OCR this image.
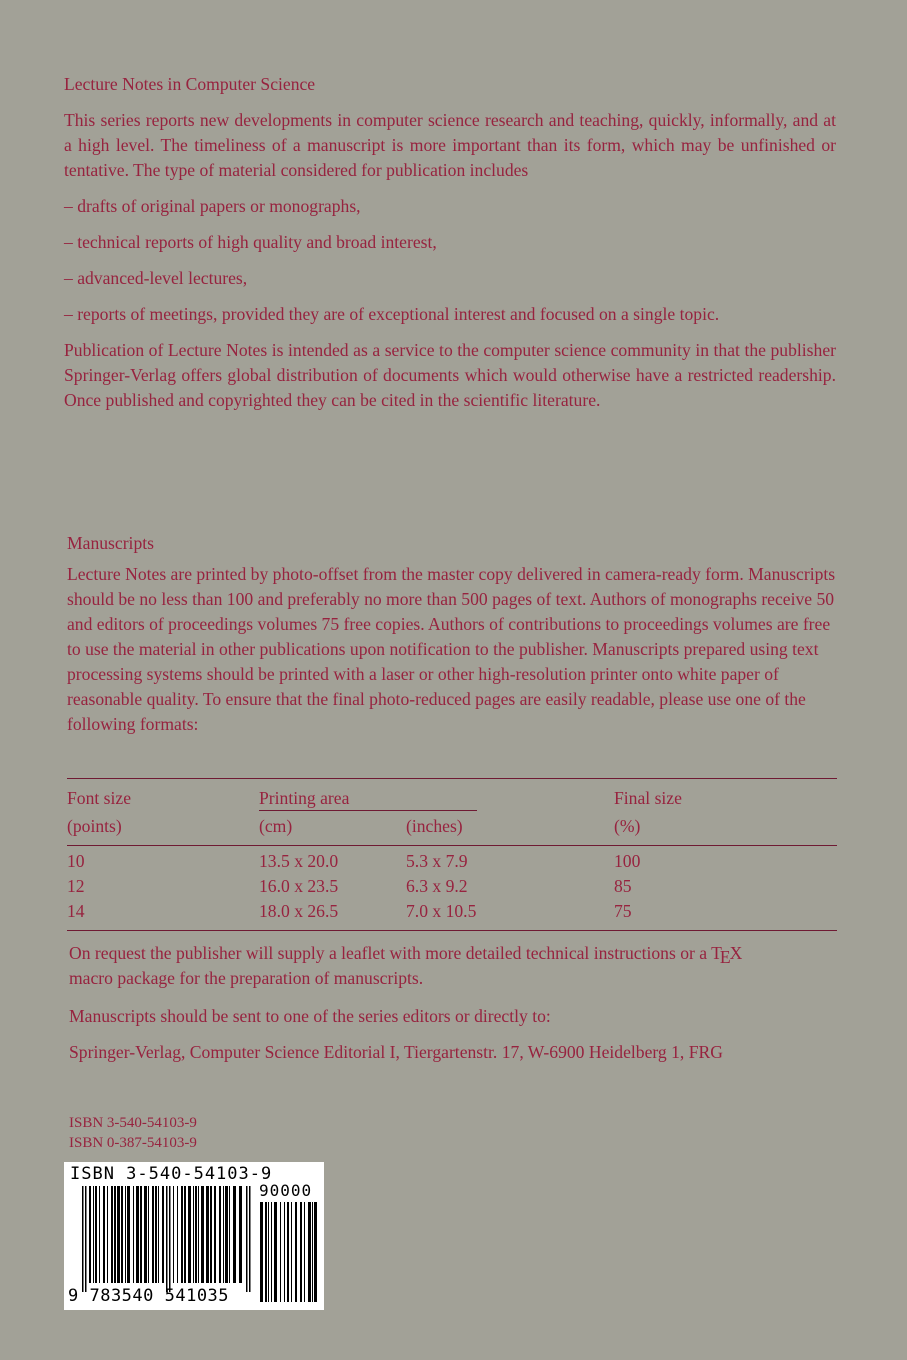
Lecture Notes in Computer Science

This series reports new developments in computer science research and teaching, quickly, informally, and at a high level. The timeliness of a manuscript is more important than its form, which may be unfinished or tentative. The type of material considered for publication includes

– drafts of original papers or monographs,

– technical reports of high quality and broad interest,

– advanced-level lectures,

– reports of meetings, provided they are of exceptional interest and focused on a single topic.

Publication of Lecture Notes is intended as a service to the computer science community in that the publisher Springer-Verlag offers global distribution of documents which would otherwise have a restricted readership. Once published and copyrighted they can be cited in the scientific literature.

Manuscripts

Lecture Notes are printed by photo-offset from the master copy delivered in camera-ready form. Manuscripts should be no less than 100 and preferably no more than 500 pages of text. Authors of monographs receive 50 and editors of proceedings volumes 75 free copies. Authors of contributions to proceedings volumes are free to use the material in other publications upon notification to the publisher. Manuscripts prepared using text processing systems should be printed with a laser or other high-resolution printer onto white paper of reasonable quality. To ensure that the final photo-reduced pages are easily readable, please use one of the following formats:

Font size	Printing area	Final size
(points)	(cm)	(inches)	(%)
10	13.5 x 20.0	5.3 x 7.9	100
12	16.0 x 23.5	6.3 x 9.2	85
14	18.0 x 26.5	7.0 x 10.5	75
On request the publisher will supply a leaflet with more detailed technical instructions or a TEX
macro package for the preparation of manuscripts.
Manuscripts should be sent to one of the series editors or directly to:
Springer-Verlag, Computer Science Editorial I, Tiergartenstr. 17, W-6900 Heidelberg 1, FRG
ISBN 3-540-54103-9
ISBN 0-387-54103-9
ISBN 3-540-54103-9
90000
9 783540 541035
